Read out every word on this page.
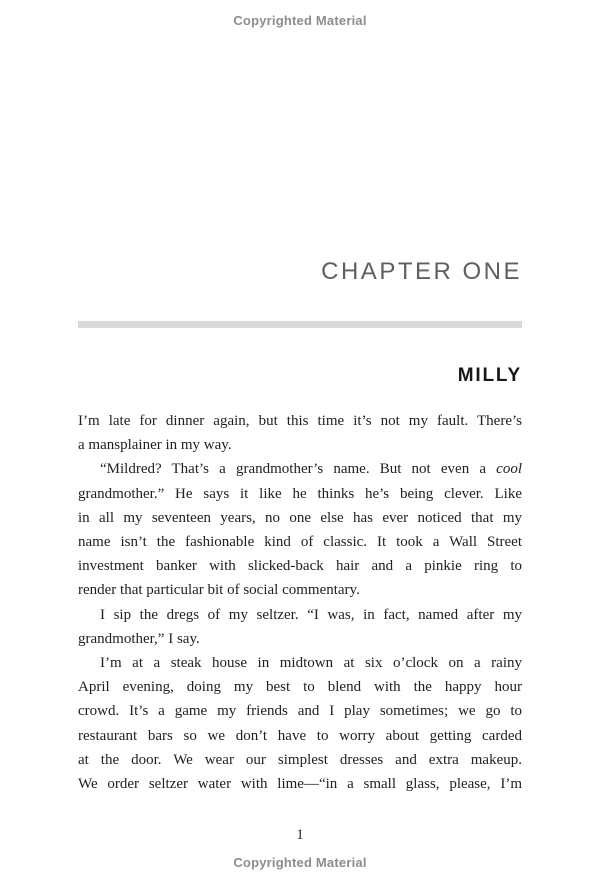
Copyrighted Material
CHAPTER ONE
MILLY
I’m late for dinner again, but this time it’s not my fault. There’s
a mansplainer in my way.
“Mildred? That’s a grandmother’s name. But not even a cool
grandmother.” He says it like he thinks he’s being clever. Like
in all my seventeen years, no one else has ever noticed that my
name isn’t the fashionable kind of classic. It took a Wall Street
investment banker with slicked-back hair and a pinkie ring to
render that particular bit of social commentary.
I sip the dregs of my seltzer. “I was, in fact, named after my
grandmother,” I say.
I’m at a steak house in midtown at six o’clock on a rainy
April evening, doing my best to blend with the happy hour
crowd. It’s a game my friends and I play sometimes; we go to
restaurant bars so we don’t have to worry about getting carded
at the door. We wear our simplest dresses and extra makeup.
We order seltzer water with lime—“in a small glass, please, I’m
1
Copyrighted Material
